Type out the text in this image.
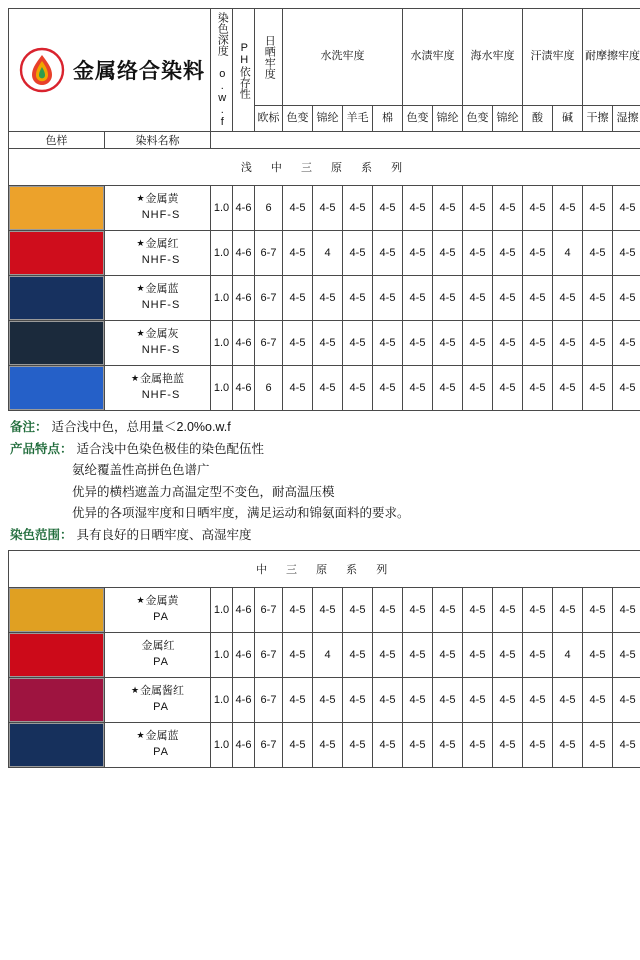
金属络合染料		染色深度 o.w.f	PH依存性	日晒牢度	水洗牢度				水渍牢度		海水牢度		汗渍牢度		耐摩擦牢度	
				欧标	色变	锦纶	羊毛	棉	色变	锦纶	色变	锦纶	酸	碱	干擦	湿擦
色样	染料名称															
浅 中 三 原 系 列																

	★金属黄
NHF-S	1.0	4-6	6	4-5	4-5	4-5	4-5	4-5	4-5	4-5	4-5	4-5	4-5	4-5	4-5

	★金属红
NHF-S	1.0	4-6	6-7	4-5	4	4-5	4-5	4-5	4-5	4-5	4-5	4-5	4	4-5	4-5

	★金属蓝
NHF-S	1.0	4-6	6-7	4-5	4-5	4-5	4-5	4-5	4-5	4-5	4-5	4-5	4-5	4-5	4-5

	★金属灰
NHF-S	1.0	4-6	6-7	4-5	4-5	4-5	4-5	4-5	4-5	4-5	4-5	4-5	4-5	4-5	4-5

	★金属艳蓝
NHF-S	1.0	4-6	6	4-5	4-5	4-5	4-5	4-5	4-5	4-5	4-5	4-5	4-5	4-5	4-5
备注： 适合浅中色，总用量＜2.0%o.w.f
产品特点： 适合浅中色染色极佳的染色配伍性
氨纶覆盖性高拼色色谱广
优异的横档遮盖力高温定型不变色，耐高温压模
优异的各项湿牢度和日晒牢度，满足运动和锦氨面料的要求。
染色范围： 具有良好的日晒牢度、高湿牢度
中 三 原 系 列																

	★金属黄
PA	1.0	4-6	6-7	4-5	4-5	4-5	4-5	4-5	4-5	4-5	4-5	4-5	4-5	4-5	4-5

	金属红
PA	1.0	4-6	6-7	4-5	4	4-5	4-5	4-5	4-5	4-5	4-5	4-5	4	4-5	4-5

	★金属酱红
PA	1.0	4-6	6-7	4-5	4-5	4-5	4-5	4-5	4-5	4-5	4-5	4-5	4-5	4-5	4-5

	★金属蓝
PA	1.0	4-6	6-7	4-5	4-5	4-5	4-5	4-5	4-5	4-5	4-5	4-5	4-5	4-5	4-5
